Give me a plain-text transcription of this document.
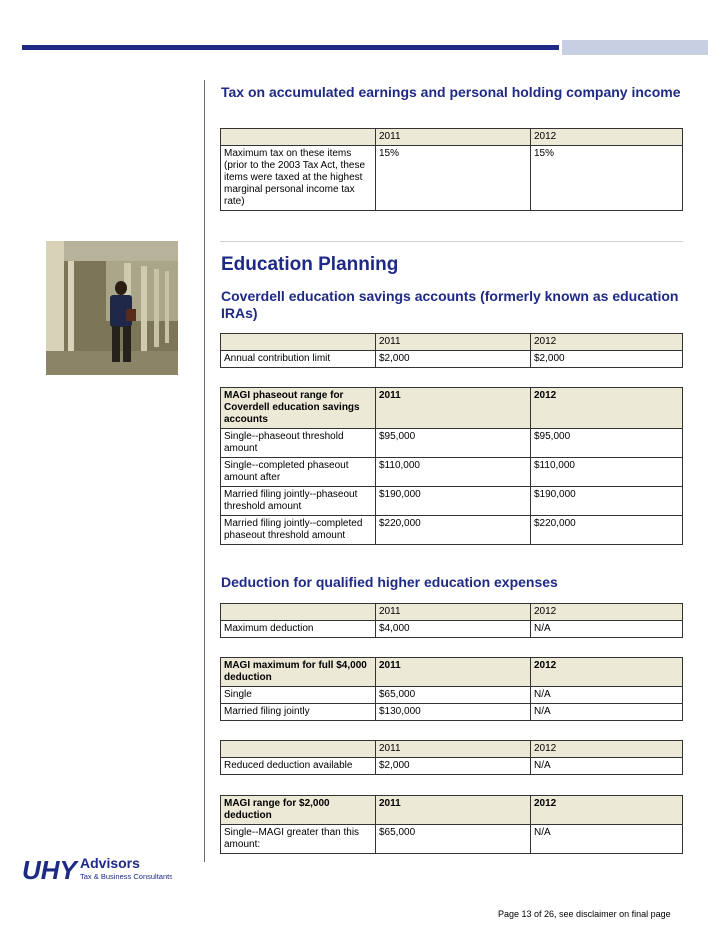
Tax on accumulated earnings and personal holding company income
	2011	2012
Maximum tax on these items (prior to the 2003 Tax Act, these items were taxed at the highest marginal personal income tax rate)	15%	15%
Education Planning
Coverdell education savings accounts (formerly known as education IRAs)
	2011	2012
Annual contribution limit	$2,000	$2,000
MAGI phaseout range for Coverdell education savings accounts	2011	2012
Single--phaseout threshold amount	$95,000	$95,000
Single--completed phaseout amount after	$110,000	$110,000
Married filing jointly--phaseout threshold amount	$190,000	$190,000
Married filing jointly--completed phaseout threshold amount	$220,000	$220,000
Deduction for qualified higher education expenses
	2011	2012
Maximum deduction	$4,000	N/A
MAGI maximum for full $4,000 deduction	2011	2012
Single	$65,000	N/A
Married filing jointly	$130,000	N/A
	2011	2012
Reduced deduction available	$2,000	N/A
MAGI range for $2,000 deduction	2011	2012
Single--MAGI greater than this amount:	$65,000	N/A
UHY Advisors
Tax & Business Consultants
Page 13 of 26, see disclaimer on final page
